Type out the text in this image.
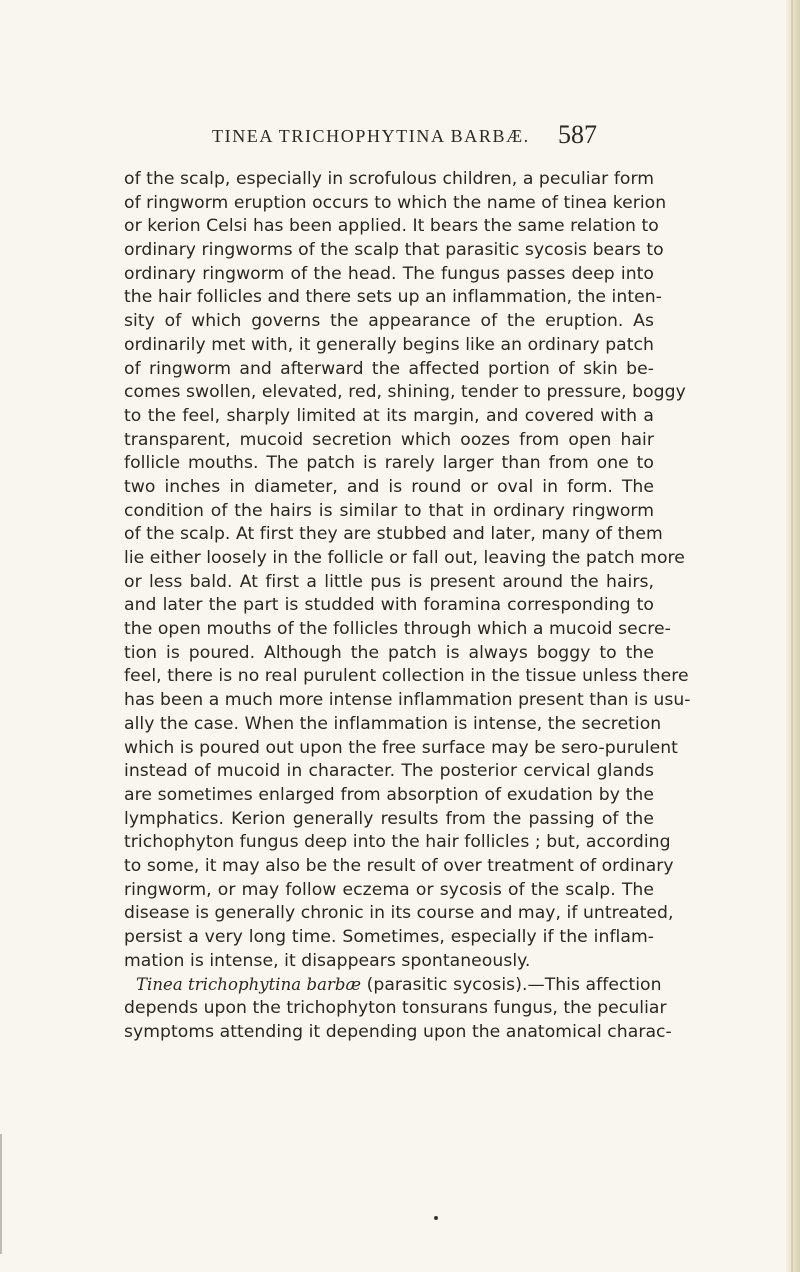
TINEA TRICHOPHYTINA BARBÆ.	587
of the scalp, especially in scrofulous children, a peculiar form
of ringworm eruption occurs to which the name of tinea kerion
or kerion Celsi has been applied. It bears the same relation to
ordinary ringworms of the scalp that parasitic sycosis bears to
ordinary ringworm of the head. The fungus passes deep into
the hair follicles and there sets up an inflammation, the inten-
sity of which governs the appearance of the eruption. As
ordinarily met with, it generally begins like an ordinary patch
of ringworm and afterward the affected portion of skin be-
comes swollen, elevated, red, shining, tender to pressure, boggy
to the feel, sharply limited at its margin, and covered with a
transparent, mucoid secretion which oozes from open hair
follicle mouths. The patch is rarely larger than from one to
two inches in diameter, and is round or oval in form. The
condition of the hairs is similar to that in ordinary ringworm
of the scalp. At first they are stubbed and later, many of them
lie either loosely in the follicle or fall out, leaving the patch more
or less bald. At first a little pus is present around the hairs,
and later the part is studded with foramina corresponding to
the open mouths of the follicles through which a mucoid secre-
tion is poured. Although the patch is always boggy to the
feel, there is no real purulent collection in the tissue unless there
has been a much more intense inflammation present than is usu-
ally the case. When the inflammation is intense, the secretion
which is poured out upon the free surface may be sero-purulent
instead of mucoid in character. The posterior cervical glands
are sometimes enlarged from absorption of exudation by the
lymphatics. Kerion generally results from the passing of the
trichophyton fungus deep into the hair follicles ; but, according
to some, it may also be the result of over treatment of ordinary
ringworm, or may follow eczema or sycosis of the scalp. The
disease is generally chronic in its course and may, if untreated,
persist a very long time. Sometimes, especially if the inflam-
mation is intense, it disappears spontaneously.
Tinea trichophytina barbæ (parasitic sycosis).—This affection
depends upon the trichophyton tonsurans fungus, the peculiar
symptoms attending it depending upon the anatomical charac-
